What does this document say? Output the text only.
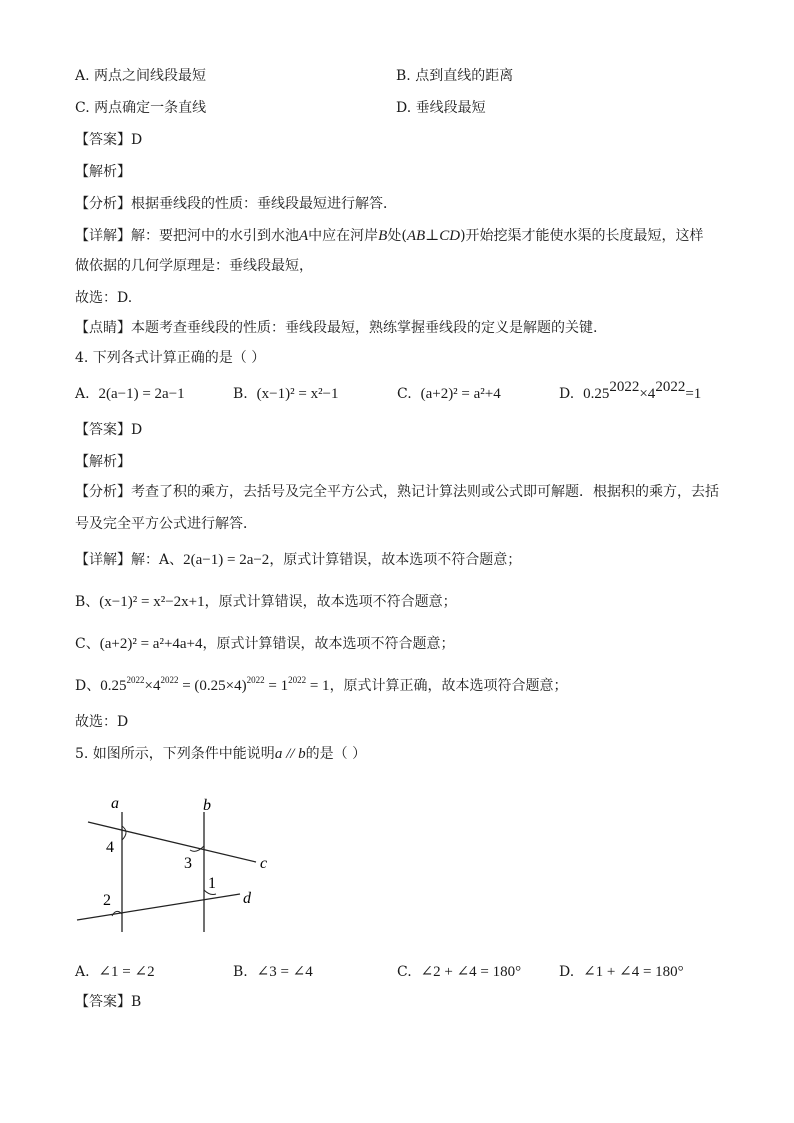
A. 两点之间线段最短	B. 点到直线的距离
C. 两点确定一条直线	D. 垂线段最短
【答案】D
【解析】
【分析】根据垂线段的性质：垂线段最短进行解答．
【详解】解：要把河中的水引到水池A中应在河岸B处(AB⊥CD)开始挖渠才能使水渠的长度最短，这样
做依据的几何学原理是：垂线段最短，
故选：D.
【点睛】本题考查垂线段的性质：垂线段最短，熟练掌握垂线段的定义是解题的关键.
4. 下列各式计算正确的是（ ）
A. 2(a−1) = 2a−1	B. (x−1)² = x²−1	C. (a+2)² = a²+4	D. $0.25^{2022}\times 4^{2022}=1$
【答案】D
【解析】
【分析】考查了积的乘方，去括号及完全平方公式，熟记计算法则或公式即可解题．根据积的乘方，去括
号及完全平方公式进行解答．
【详解】解：A、2(a−1) = 2a−2，原式计算错误，故本选项不符合题意；
B、(x−1)² = x²−2x+1，原式计算错误，故本选项不符合题意；
C、(a+2)² = a²+4a+4，原式计算错误，故本选项不符合题意；
D、$0.25^{2022}\times 4^{2022} = (0.25\times 4)^{2022} = 1^{2022} = 1$，原式计算正确，故本选项符合题意；
故选：D
5. 如图所示，下列条件中能说明a // b的是（ ）
a	b
c
d
1
2
3
4
A. ∠1 = ∠2	B. ∠3 = ∠4	C. ∠2 + ∠4 = 180°	D. ∠1 + ∠4 = 180°
【答案】B
